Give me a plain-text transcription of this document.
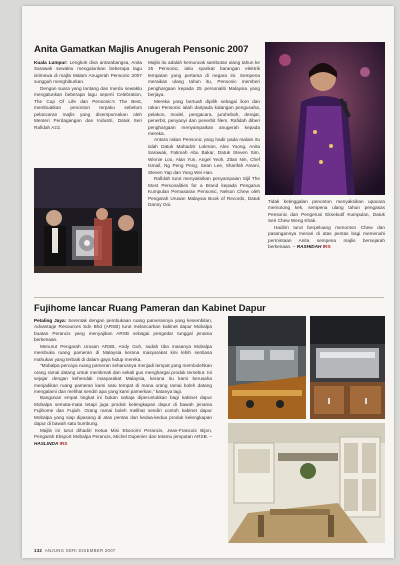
Anita Gamatkan Majlis Anugerah Pensonic 2007

Kuala Lumpur: Lengkok diva antarabangsa, Anita Sarawak sewaktu mengalunkan beberapa lagu istimewa di majlis Malam Anugerah Pensonic 2007 sungguh menghiburkan.

Dengan suara yang lantang dan merdu sewaktu mengalunkan beberapa lagu seperti Celebration, The Cup Of Life dan Pensonic's The Best, membuatkan penonton terpaku sebelum pelancaran majlis yang disempurnakan oleh Menteri Perdagangan dan Industri, Datuk Seri Rafidah Aziz.

Majlis itu adalah kemuncak sambutan ulang tahun ke 25 Pensonic, iaitu syarikat barangan elektrik tempatan yang pertama di negara ini. Sempena meraikan ulang tahun itu, Pensonic memberi penghargaan kepada 25 personaliti Malaysia yang berjaya.

Mereka yang bertuah dipilih sebagai ikon dan rakan Pensonic ialah daripada kalangan pengusaha, pelakon, model, pengacara, juruhebah, derajat, penerbit, penyanyi dan penerbit filem. Rafidah diberi penghargaan menyampaikan anugerah kepada mereka.

Antara rakan Pensonic yang hadir pada malam itu ialah Datuk Mahadzir Lokman, Alex Yoong, Anita Sarawak, Fatimah Abu Bakar, Datuk Steven Sim, Winnie Loo, Alan Yun, Angel Yeoh, Zitan Nin, Chef Ismail, Ng Peng Peng, Sean Lee, Sharifah Amani, Steven Yap dan Yang Wei Han.

Rafidah turut menyaksikan penyampaian Sijil The Most Personalities for a Brand kepada Pengarus Kumpulan Pemasaran Pensonic, Nelson Chew oleh Pengarah Urusan Malaysia Book of Records, Datuk Danny Ooi.

Tidak ketinggalan penonton menyaksikan upacara memotong kek, sempena ulang tahun pengasas Pensonic dan Pengerusi Eksekutif Kumpulan, Datuk Seri Chew Weng Khak.

Hadirin turut berpeluang menonton Chew dan pasangannya menari di atas pentas bagi memenuhi permintaan Anita sempena majlis bersejarah berkenaan. – RASHIDAH IRS

Fujihome lancar Ruang Pameran dan Kabinet Dapur

Petaling Jaya: Serentak dengan pembukaan ruang pamerannya yang kesembilan, Advantage Resources Sdn Bhd (ARSB) turut melancarkan kabinet dapur Mobalpa buatan Perancis yang menyajikan ARSB sebagai pengedar tunggal jenama berkenaan.

Menurut Pengarah Urusan ARSB, Andy Goh, sudah tiba masanya Mobalpa membuka ruang pameran di Malaysia kerana masyarakat kini lebih sentiasa mahukan yang terbaik di dalam gaya hidup mereka.

"Mobalpa percaya ruang pameran seharusnya menjadi tempat yang membolehkan orang ramai datang untuk menikmati dan sekali gus menghargai produk tersebut. Ini sejajar dengan kehendak masyarakat Malaysia, kerana itu kami berusaha menjadikan ruang pameran kami satu tempat di mana orang ramai boleh datang mengalami dan melihat sendiri apa yang kami pamerkan," katanya lagi.

Bangunan empat tingkat ini bukan sahaja diperuntukkan bagi kabinet dapur Mobalpa semata-mata tetapi juga produk kelengkapan dapur di bawah jenama Fujihome dan Fujioh. Orang ramai boleh melihat sendiri contoh kabinet dapur Mobalpa yang siap dipasang di atas pentas dan kedua-kedua produk kelengkapan dapur di bawah satu bumbung.

Majlis ini turut dihadiri Ketua Misi Ekonomi Perancis, Jean-Francois Bijon, Pengarah Eksport Mobalpa Perancis, Michel Dupenier dan tetamu jemputan ARSB. – HASLINDA IRS

132 ANJUNG SERI DISEMBER 2007
